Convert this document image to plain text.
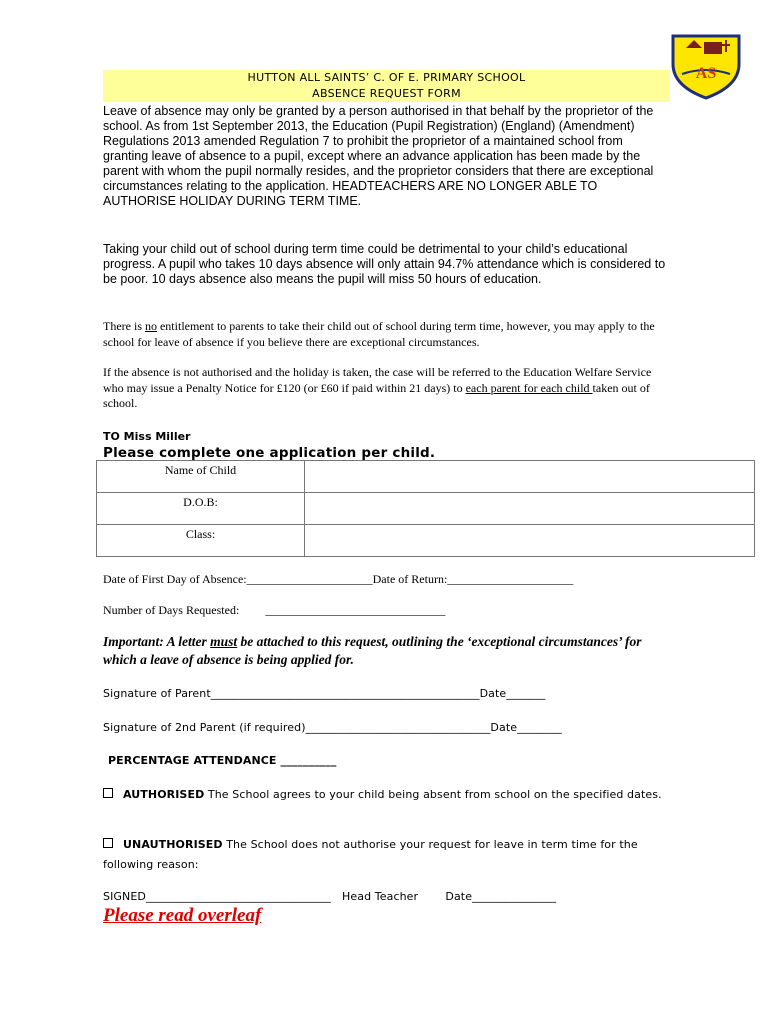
AS
HUTTON ALL SAINTS’ C. OF E. PRIMARY SCHOOL
ABSENCE REQUEST FORM
Leave of absence may only be granted by a person authorised in that behalf by the proprietor of the school. As from 1st September 2013, the Education (Pupil Registration) (England) (Amendment) Regulations 2013 amended Regulation 7 to prohibit the proprietor of a maintained school from granting leave of absence to a pupil, except where an advance application has been made by the parent with whom the pupil normally resides, and the proprietor considers that there are exceptional circumstances relating to the application. HEADTEACHERS ARE NO LONGER ABLE TO AUTHORISE HOLIDAY DURING TERM TIME.
Taking your child out of school during term time could be detrimental to your child’s educational progress. A pupil who takes 10 days absence will only attain 94.7% attendance which is considered to be poor. 10 days absence also means the pupil will miss 50 hours of education.
There is no entitlement to parents to take their child out of school during term time, however, you may apply to the school for leave of absence if you believe there are exceptional circumstances.
If the absence is not authorised and the holiday is taken, the case will be referred to the Education Welfare Service who may issue a Penalty Notice for £120 (or £60 if paid within 21 days) to each parent for each child taken out of school.
TO Miss Miller
Please complete one application per child.
Name of Child	
D.O.B:	
Class:	
Date of First Day of Absence:_____________________Date of Return:_____________________
Number of Days Requested: ______________________________
Important: A letter must be attached to this request, outlining the ‘exceptional circumstances’ for which a leave of absence is being applied for.
Signature of Parent________________________________________________Date_______
Signature of 2nd Parent (if required)_________________________________Date________
PERCENTAGE ATTENDANCE __________
AUTHORISED The School agrees to your child being absent from school on the specified dates.
UNAUTHORISED The School does not authorise your request for leave in term time for the following reason:
SIGNED_________________________________ Head Teacher Date_______________
Please read overleaf
